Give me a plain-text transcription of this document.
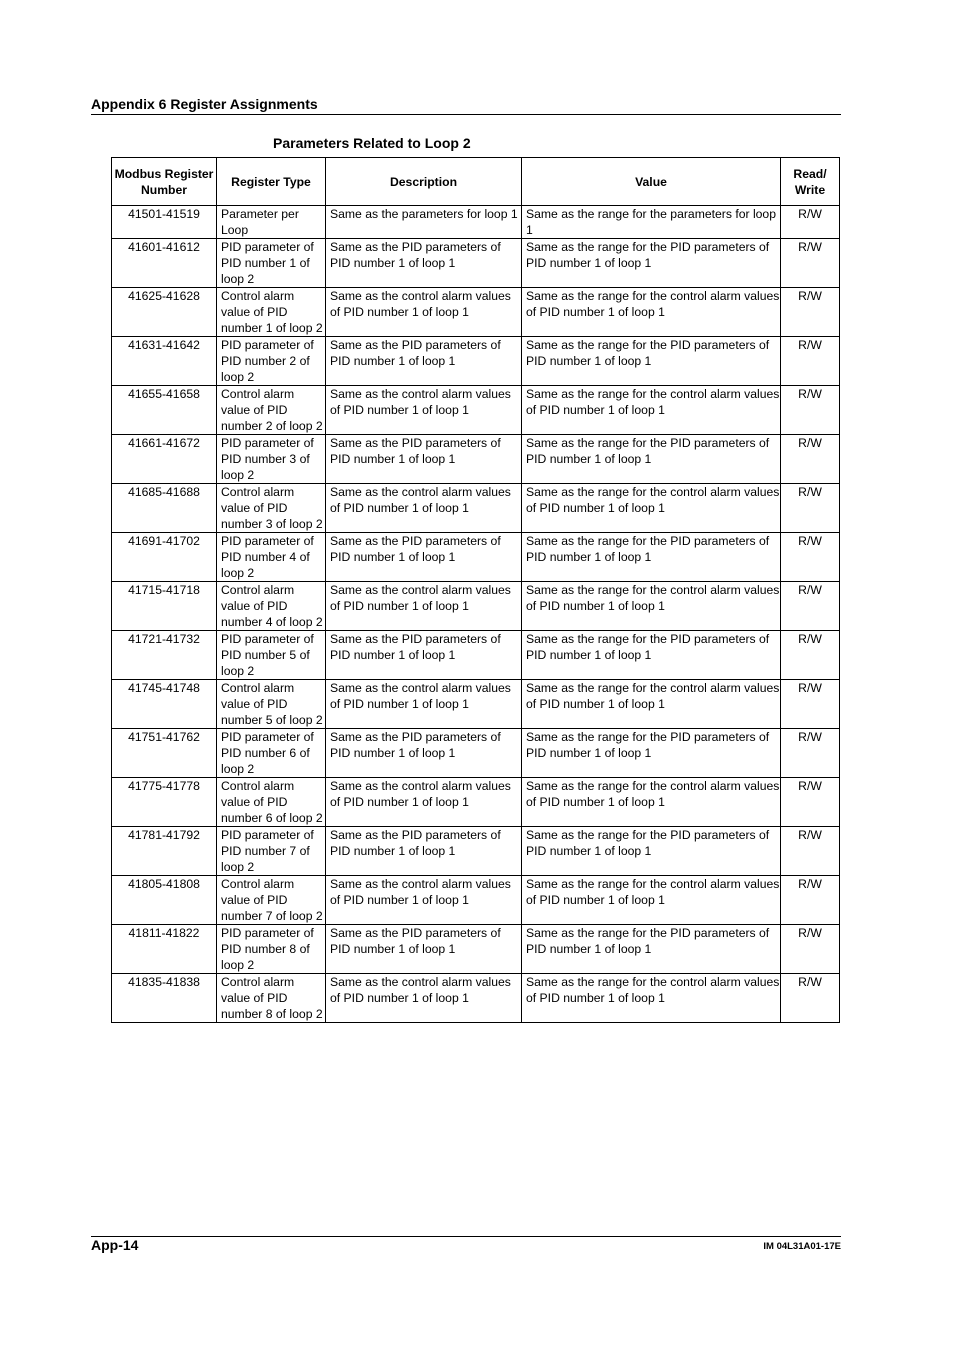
Appendix 6 Register Assignments
Parameters Related to Loop 2
Modbus Register Number	Register Type	Description	Value	Read/ Write
41501-41519	Parameter per Loop	Same as the parameters for loop 1	Same as the range for the parameters for loop 1	R/W
41601-41612	PID parameter of PID number 1 of loop 2	Same as the PID parameters of PID number 1 of loop 1	Same as the range for the PID parameters of PID number 1 of loop 1	R/W
41625-41628	Control alarm value of PID number 1 of loop 2	Same as the control alarm values of PID number 1 of loop 1	Same as the range for the control alarm values of PID number 1 of loop 1	R/W
41631-41642	PID parameter of PID number 2 of loop 2	Same as the PID parameters of PID number 1 of loop 1	Same as the range for the PID parameters of PID number 1 of loop 1	R/W
41655-41658	Control alarm value of PID number 2 of loop 2	Same as the control alarm values of PID number 1 of loop 1	Same as the range for the control alarm values of PID number 1 of loop 1	R/W
41661-41672	PID parameter of PID number 3 of loop 2	Same as the PID parameters of PID number 1 of loop 1	Same as the range for the PID parameters of PID number 1 of loop 1	R/W
41685-41688	Control alarm value of PID number 3 of loop 2	Same as the control alarm values of PID number 1 of loop 1	Same as the range for the control alarm values of PID number 1 of loop 1	R/W
41691-41702	PID parameter of PID number 4 of loop 2	Same as the PID parameters of PID number 1 of loop 1	Same as the range for the PID parameters of PID number 1 of loop 1	R/W
41715-41718	Control alarm value of PID number 4 of loop 2	Same as the control alarm values of PID number 1 of loop 1	Same as the range for the control alarm values of PID number 1 of loop 1	R/W
41721-41732	PID parameter of PID number 5 of loop 2	Same as the PID parameters of PID number 1 of loop 1	Same as the range for the PID parameters of PID number 1 of loop 1	R/W
41745-41748	Control alarm value of PID number 5 of loop 2	Same as the control alarm values of PID number 1 of loop 1	Same as the range for the control alarm values of PID number 1 of loop 1	R/W
41751-41762	PID parameter of PID number 6 of loop 2	Same as the PID parameters of PID number 1 of loop 1	Same as the range for the PID parameters of PID number 1 of loop 1	R/W
41775-41778	Control alarm value of PID number 6 of loop 2	Same as the control alarm values of PID number 1 of loop 1	Same as the range for the control alarm values of PID number 1 of loop 1	R/W
41781-41792	PID parameter of PID number 7 of loop 2	Same as the PID parameters of PID number 1 of loop 1	Same as the range for the PID parameters of PID number 1 of loop 1	R/W
41805-41808	Control alarm value of PID number 7 of loop 2	Same as the control alarm values of PID number 1 of loop 1	Same as the range for the control alarm values of PID number 1 of loop 1	R/W
41811-41822	PID parameter of PID number 8 of loop 2	Same as the PID parameters of PID number 1 of loop 1	Same as the range for the PID parameters of PID number 1 of loop 1	R/W
41835-41838	Control alarm value of PID number 8 of loop 2	Same as the control alarm values of PID number 1 of loop 1	Same as the range for the control alarm values of PID number 1 of loop 1	R/W
App-14	IM 04L31A01-17E
